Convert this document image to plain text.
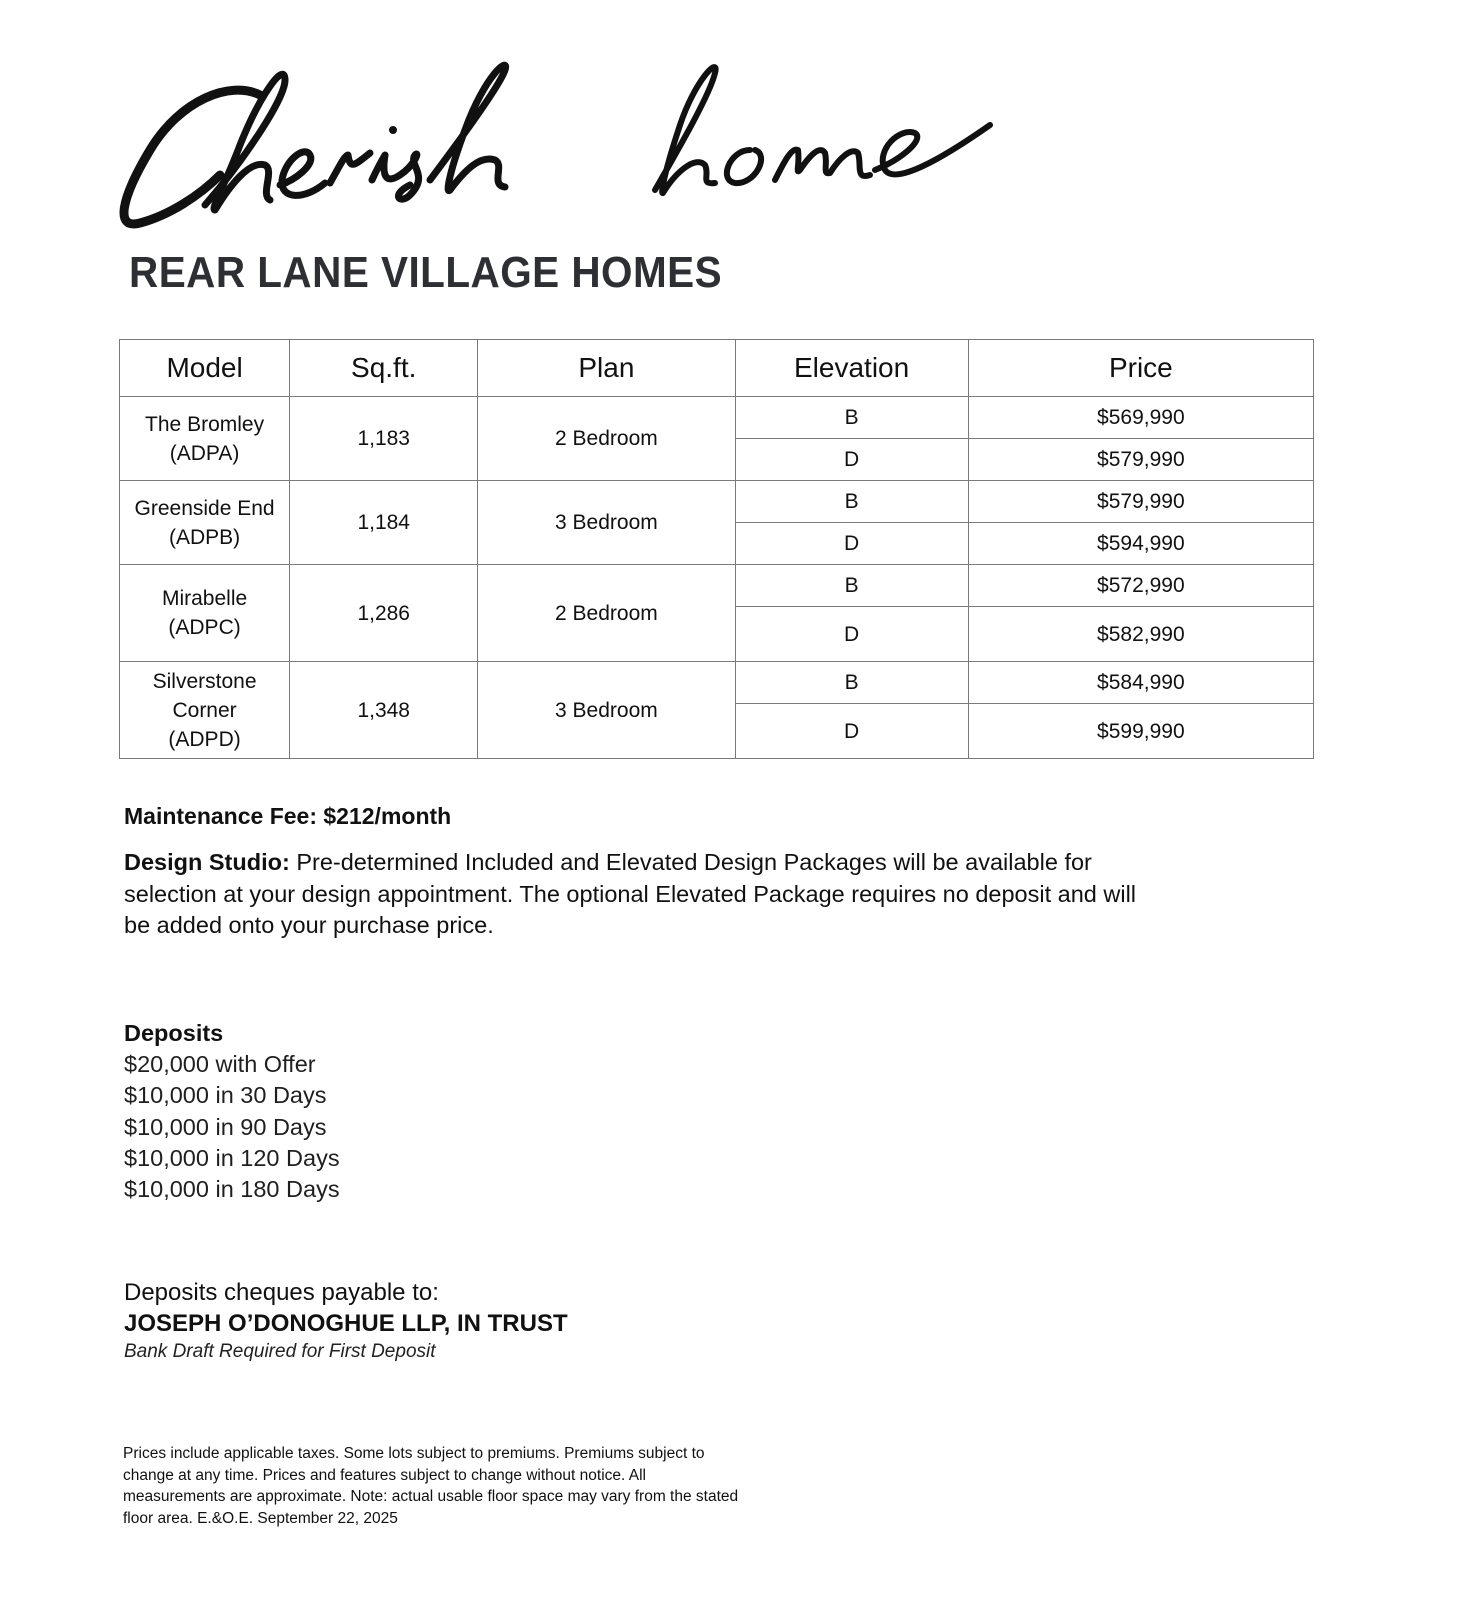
REAR LANE VILLAGE HOMES
Model	Sq.ft.	Plan	Elevation	Price

The Bromley
(ADPA)	1,183	2 Bedroom	B	$569,990
			D	$579,990

Greenside End
(ADPB)	1,184	3 Bedroom	B	$579,990
			D	$594,990

Mirabelle
(ADPC)	1,286	2 Bedroom	B	$572,990
			D	$582,990

Silverstone
Corner
(ADPD)	1,348	3 Bedroom	B	$584,990
			D	$599,990
Maintenance Fee: $212/month
Design Studio: Pre-determined Included and Elevated Design Packages will be available for selection at your design appointment. The optional Elevated Package requires no deposit and will be added onto your purchase price.
Deposits
$20,000 with Offer
$10,000 in 30 Days
$10,000 in 90 Days
$10,000 in 120 Days
$10,000 in 180 Days
Deposits cheques payable to:
JOSEPH O’DONOGHUE LLP, IN TRUST
Bank Draft Required for First Deposit
Prices include applicable taxes. Some lots subject to premiums. Premiums subject to change at any time. Prices and features subject to change without notice. All measurements are approximate. Note: actual usable floor space may vary from the stated floor area. E.&O.E. September 22, 2025
